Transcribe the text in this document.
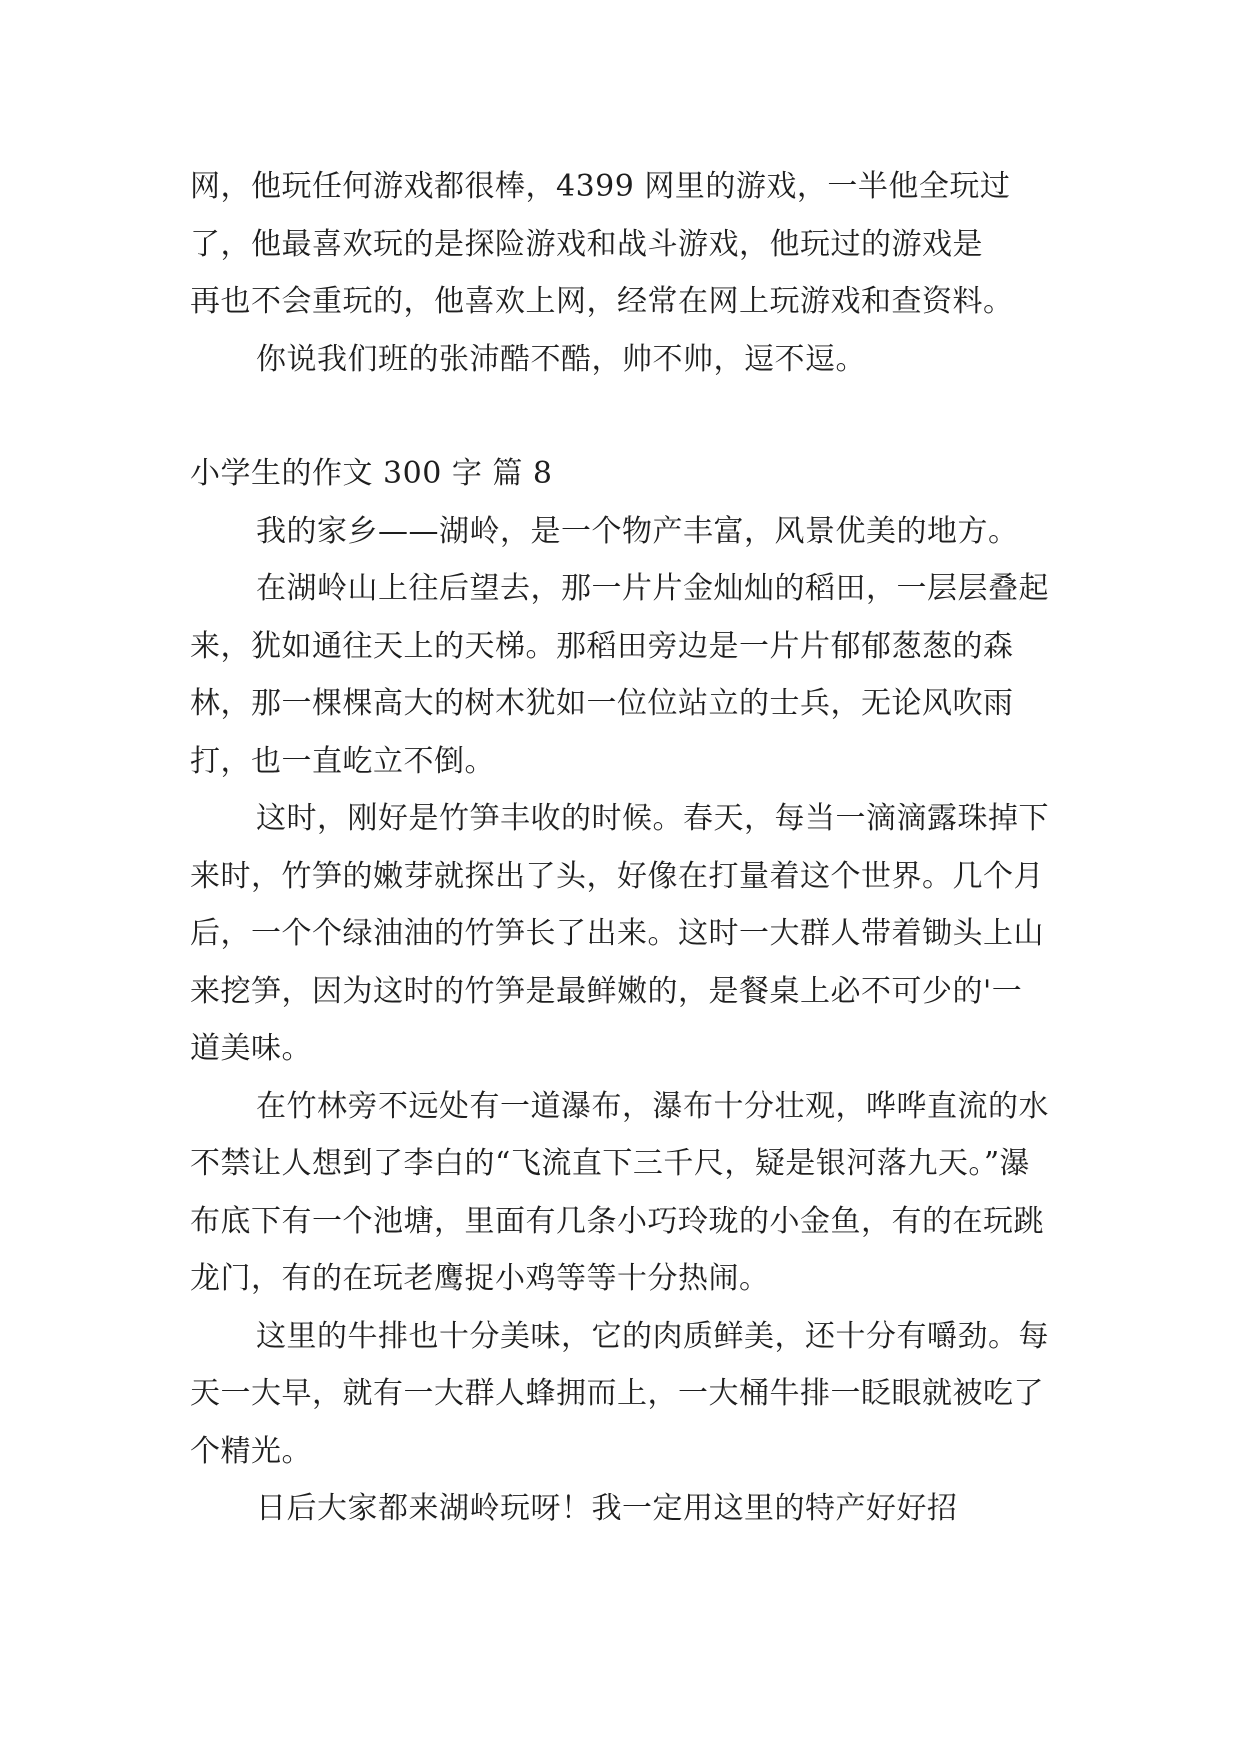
网，他玩任何游戏都很棒，4399 网里的游戏，一半他全玩过

了，他最喜欢玩的是探险游戏和战斗游戏，他玩过的游戏是

再也不会重玩的，他喜欢上网，经常在网上玩游戏和查资料。

你说我们班的张沛酷不酷，帅不帅，逗不逗。

小学生的作文 300 字 篇 8

我的家乡——湖岭，是一个物产丰富，风景优美的地方。

在湖岭山上往后望去，那一片片金灿灿的稻田，一层层叠起来，犹如通往天上的天梯。那稻田旁边是一片片郁郁葱葱的森林，那一棵棵高大的树木犹如一位位站立的士兵，无论风吹雨打，也一直屹立不倒。

这时，刚好是竹笋丰收的时候。春天，每当一滴滴露珠掉下来时，竹笋的嫩芽就探出了头，好像在打量着这个世界。几个月后，一个个绿油油的竹笋长了出来。这时一大群人带着锄头上山来挖笋，因为这时的竹笋是最鲜嫩的，是餐桌上必不可少的'一道美味。

在竹林旁不远处有一道瀑布，瀑布十分壮观，哗哗直流的水不禁让人想到了李白的“飞流直下三千尺，疑是银河落九天。”瀑布底下有一个池塘，里面有几条小巧玲珑的小金鱼，有的在玩跳龙门，有的在玩老鹰捉小鸡等等十分热闹。

这里的牛排也十分美味，它的肉质鲜美，还十分有嚼劲。每天一大早，就有一大群人蜂拥而上，一大桶牛排一眨眼就被吃了个精光。

日后大家都来湖岭玩呀！我一定用这里的特产好好招
